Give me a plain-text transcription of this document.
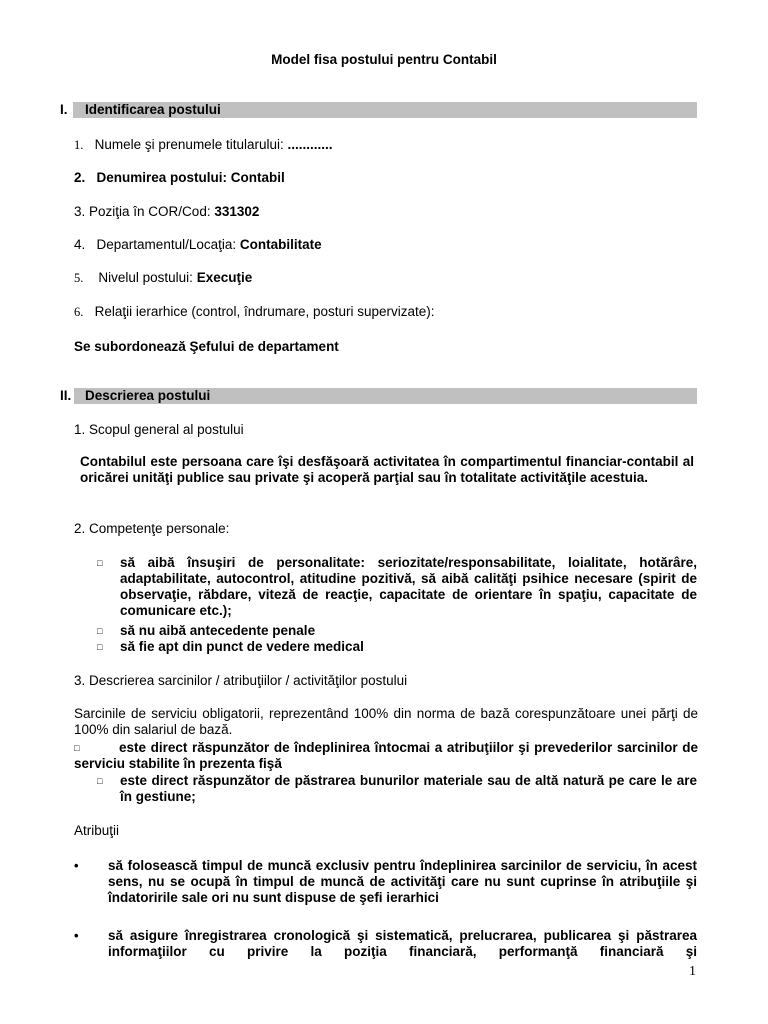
Model fisa postului pentru Contabil
I. Identificarea postului
1. Numele şi prenumele titularului: ............
2. Denumirea postului: Contabil
3. Poziţia în COR/Cod: 331302
4. Departamentul/Locaţia: Contabilitate
5. Nivelul postului: Execuţie
6. Relaţii ierarhice (control, îndrumare, posturi supervizate):
Se subordonează Şefului de departament
II. Descrierea postului
1. Scopul general al postului
Contabilul este persoana care îşi desfăşoară activitatea în compartimentul financiar-contabil al oricărei unităţi publice sau private şi acoperă parţial sau în totalitate activităţile acestuia.
2. Competenţe personale:
□ să aibă însuşiri de personalitate: seriozitate/responsabilitate, loialitate, hotărâre, adaptabilitate, autocontrol, atitudine pozitivă, să aibă calităţi psihice necesare (spirit de observaţie, răbdare, viteză de reacţie, capacitate de orientare în spaţiu, capacitate de comunicare etc.);
□ să nu aibă antecedente penale
□ să fie apt din punct de vedere medical
3. Descrierea sarcinilor / atribuţiilor / activităţilor postului
Sarcinile de serviciu obligatorii, reprezentând 100% din norma de bază corespunzătoare unei părţi de 100% din salariul de bază.
□	este direct răspunzător de îndeplinirea întocmai a atribuţiilor şi prevederilor sarcinilor de serviciu stabilite în prezenta fişă
□ este direct răspunzător de păstrarea bunurilor materiale sau de altă natură pe care le are în gestiune;
Atribuţii
• să folosească timpul de muncă exclusiv pentru îndeplinirea sarcinilor de serviciu, în acest sens, nu se ocupă în timpul de muncă de activităţi care nu sunt cuprinse în atribuţiile şi îndatoririle sale ori nu sunt dispuse de şefi ierarhici
• să asigure înregistrarea cronologică şi sistematică, prelucrarea, publicarea şi păstrarea informaţiilor cu privire la poziţia financiară, performanţă financiară şi
1
